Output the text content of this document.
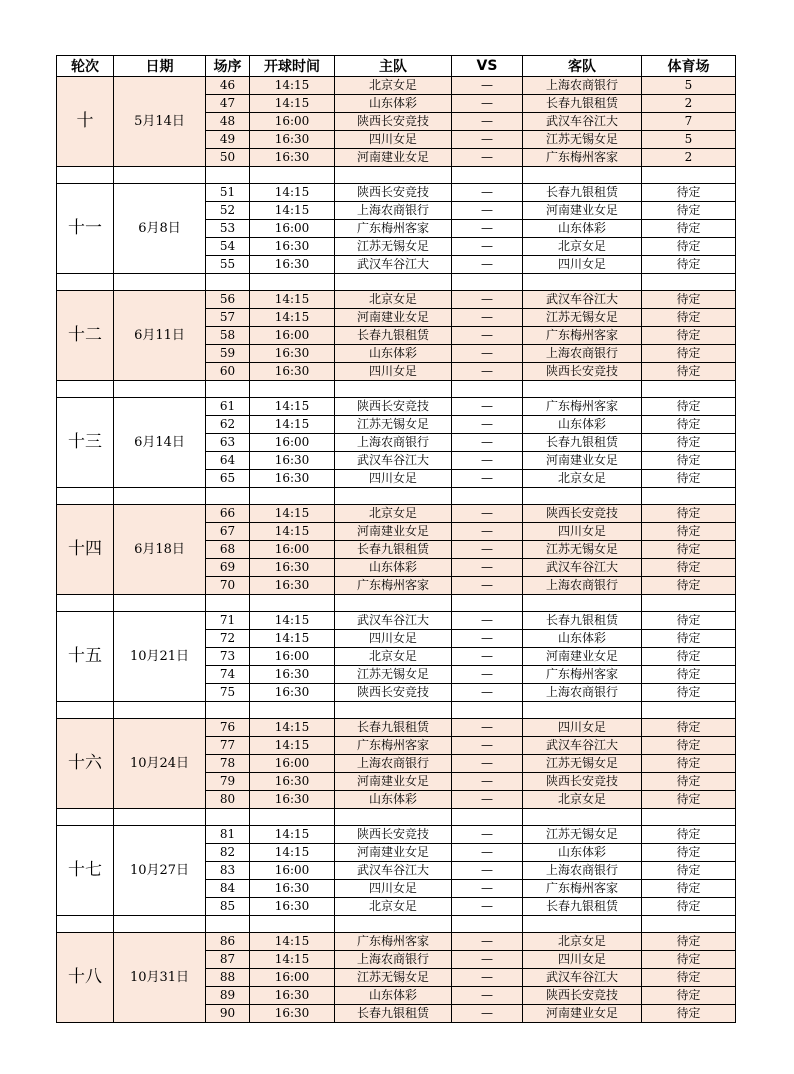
轮次	日期	场序	开球时间	主队	VS	客队	体育场
十	5月14日	46	14:15	北京女足	—	上海农商银行	5
		47	14:15	山东体彩	—	长春九银租赁	2
		48	16:00	陕西长安竞技	—	武汉车谷江大	7
		49	16:30	四川女足	—	江苏无锡女足	5
		50	16:30	河南建业女足	—	广东梅州客家	2

十一	6月8日	51	14:15	陕西长安竞技	—	长春九银租赁	待定
		52	14:15	上海农商银行	—	河南建业女足	待定
		53	16:00	广东梅州客家	—	山东体彩	待定
		54	16:30	江苏无锡女足	—	北京女足	待定
		55	16:30	武汉车谷江大	—	四川女足	待定

十二	6月11日	56	14:15	北京女足	—	武汉车谷江大	待定
		57	14:15	河南建业女足	—	江苏无锡女足	待定
		58	16:00	长春九银租赁	—	广东梅州客家	待定
		59	16:30	山东体彩	—	上海农商银行	待定
		60	16:30	四川女足	—	陕西长安竞技	待定

十三	6月14日	61	14:15	陕西长安竞技	—	广东梅州客家	待定
		62	14:15	江苏无锡女足	—	山东体彩	待定
		63	16:00	上海农商银行	—	长春九银租赁	待定
		64	16:30	武汉车谷江大	—	河南建业女足	待定
		65	16:30	四川女足	—	北京女足	待定

十四	6月18日	66	14:15	北京女足	—	陕西长安竞技	待定
		67	14:15	河南建业女足	—	四川女足	待定
		68	16:00	长春九银租赁	—	江苏无锡女足	待定
		69	16:30	山东体彩	—	武汉车谷江大	待定
		70	16:30	广东梅州客家	—	上海农商银行	待定

十五	10月21日	71	14:15	武汉车谷江大	—	长春九银租赁	待定
		72	14:15	四川女足	—	山东体彩	待定
		73	16:00	北京女足	—	河南建业女足	待定
		74	16:30	江苏无锡女足	—	广东梅州客家	待定
		75	16:30	陕西长安竞技	—	上海农商银行	待定

十六	10月24日	76	14:15	长春九银租赁	—	四川女足	待定
		77	14:15	广东梅州客家	—	武汉车谷江大	待定
		78	16:00	上海农商银行	—	江苏无锡女足	待定
		79	16:30	河南建业女足	—	陕西长安竞技	待定
		80	16:30	山东体彩	—	北京女足	待定

十七	10月27日	81	14:15	陕西长安竞技	—	江苏无锡女足	待定
		82	14:15	河南建业女足	—	山东体彩	待定
		83	16:00	武汉车谷江大	—	上海农商银行	待定
		84	16:30	四川女足	—	广东梅州客家	待定
		85	16:30	北京女足	—	长春九银租赁	待定

十八	10月31日	86	14:15	广东梅州客家	—	北京女足	待定
		87	14:15	上海农商银行	—	四川女足	待定
		88	16:00	江苏无锡女足	—	武汉车谷江大	待定
		89	16:30	山东体彩	—	陕西长安竞技	待定
		90	16:30	长春九银租赁	—	河南建业女足	待定
